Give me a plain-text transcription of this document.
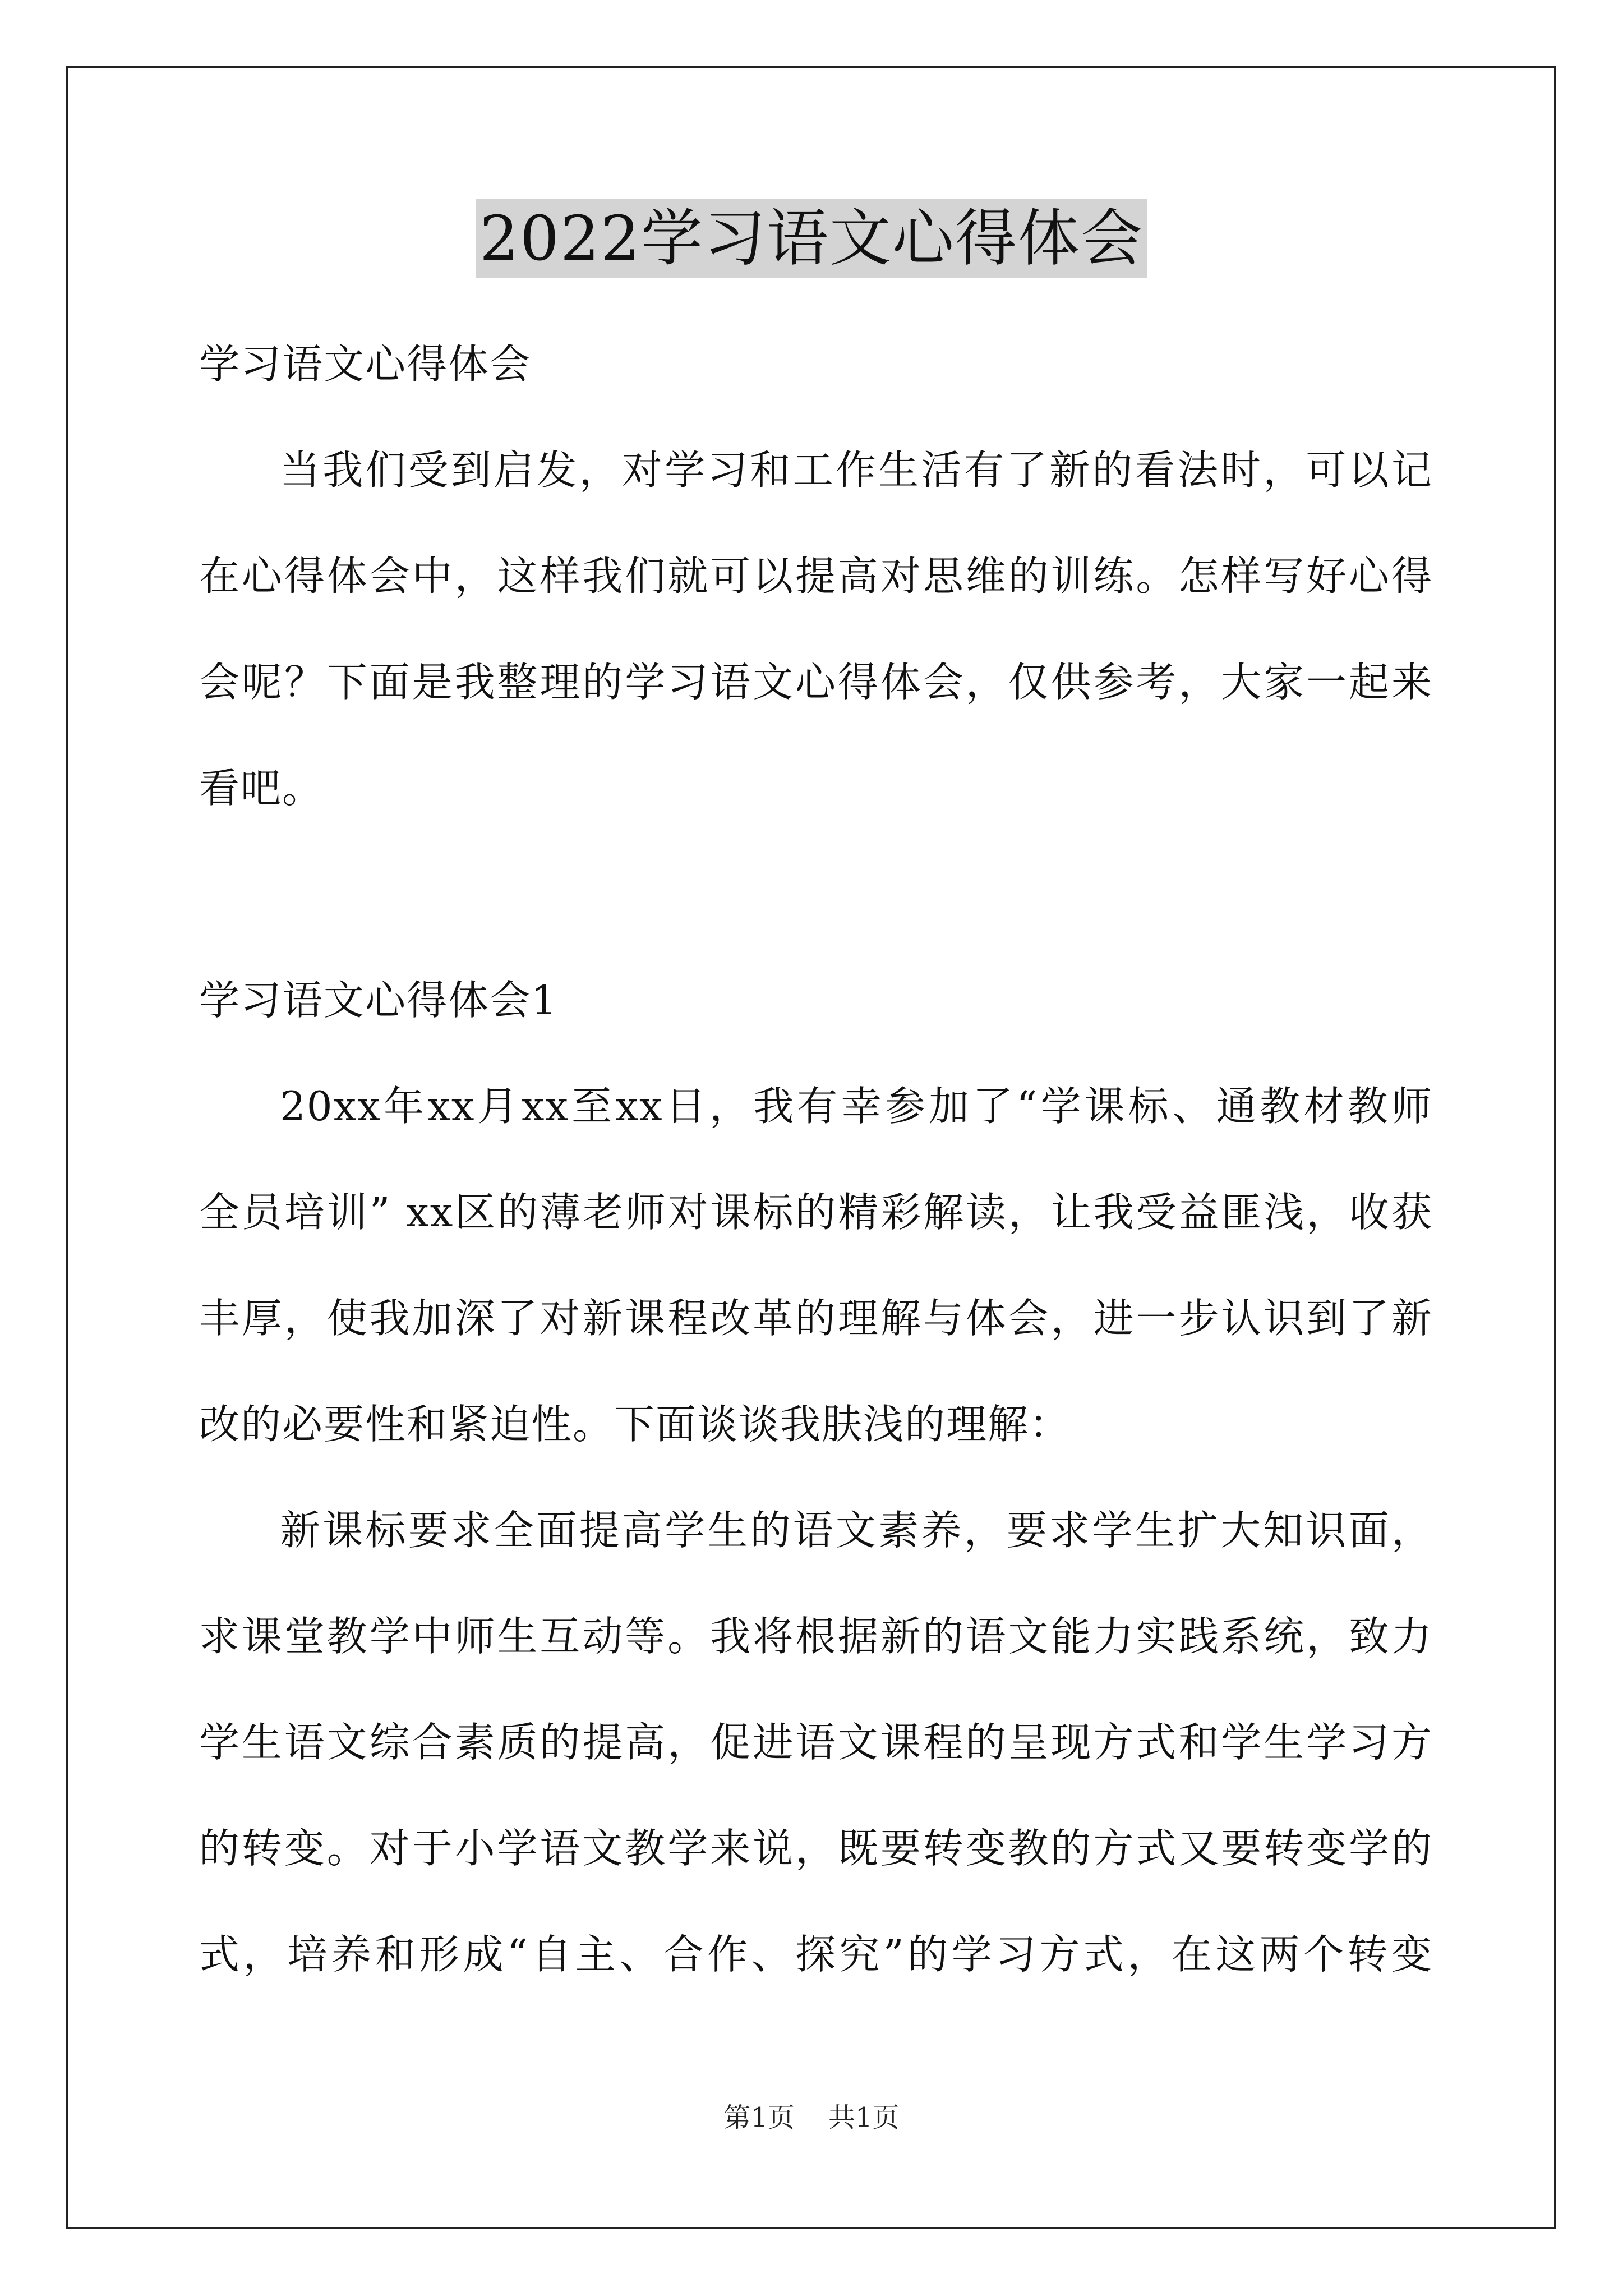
2022学习语文心得体会
学习语文心得体会
当我们受到启发，对学习和工作生活有了新的看法时，可以记
在心得体会中，这样我们就可以提高对思维的训练。怎样写好心得
会呢？下面是我整理的学习语文心得体会，仅供参考，大家一起来
看吧。
学习语文心得体会1
20xx年xx月xx至xx日，我有幸参加了“学课标、通教材教师
全员培训” xx区的薄老师对课标的精彩解读，让我受益匪浅，收获
丰厚，使我加深了对新课程改革的理解与体会，进一步认识到了新
改的必要性和紧迫性。下面谈谈我肤浅的理解：
新课标要求全面提高学生的语文素养，要求学生扩大知识面，
求课堂教学中师生互动等。我将根据新的语文能力实践系统，致力
学生语文综合素质的提高，促进语文课程的呈现方式和学生学习方
的转变。对于小学语文教学来说，既要转变教的方式又要转变学的
式，培养和形成“自主、合作、探究”的学习方式，在这两个转变
第1页 共1页
